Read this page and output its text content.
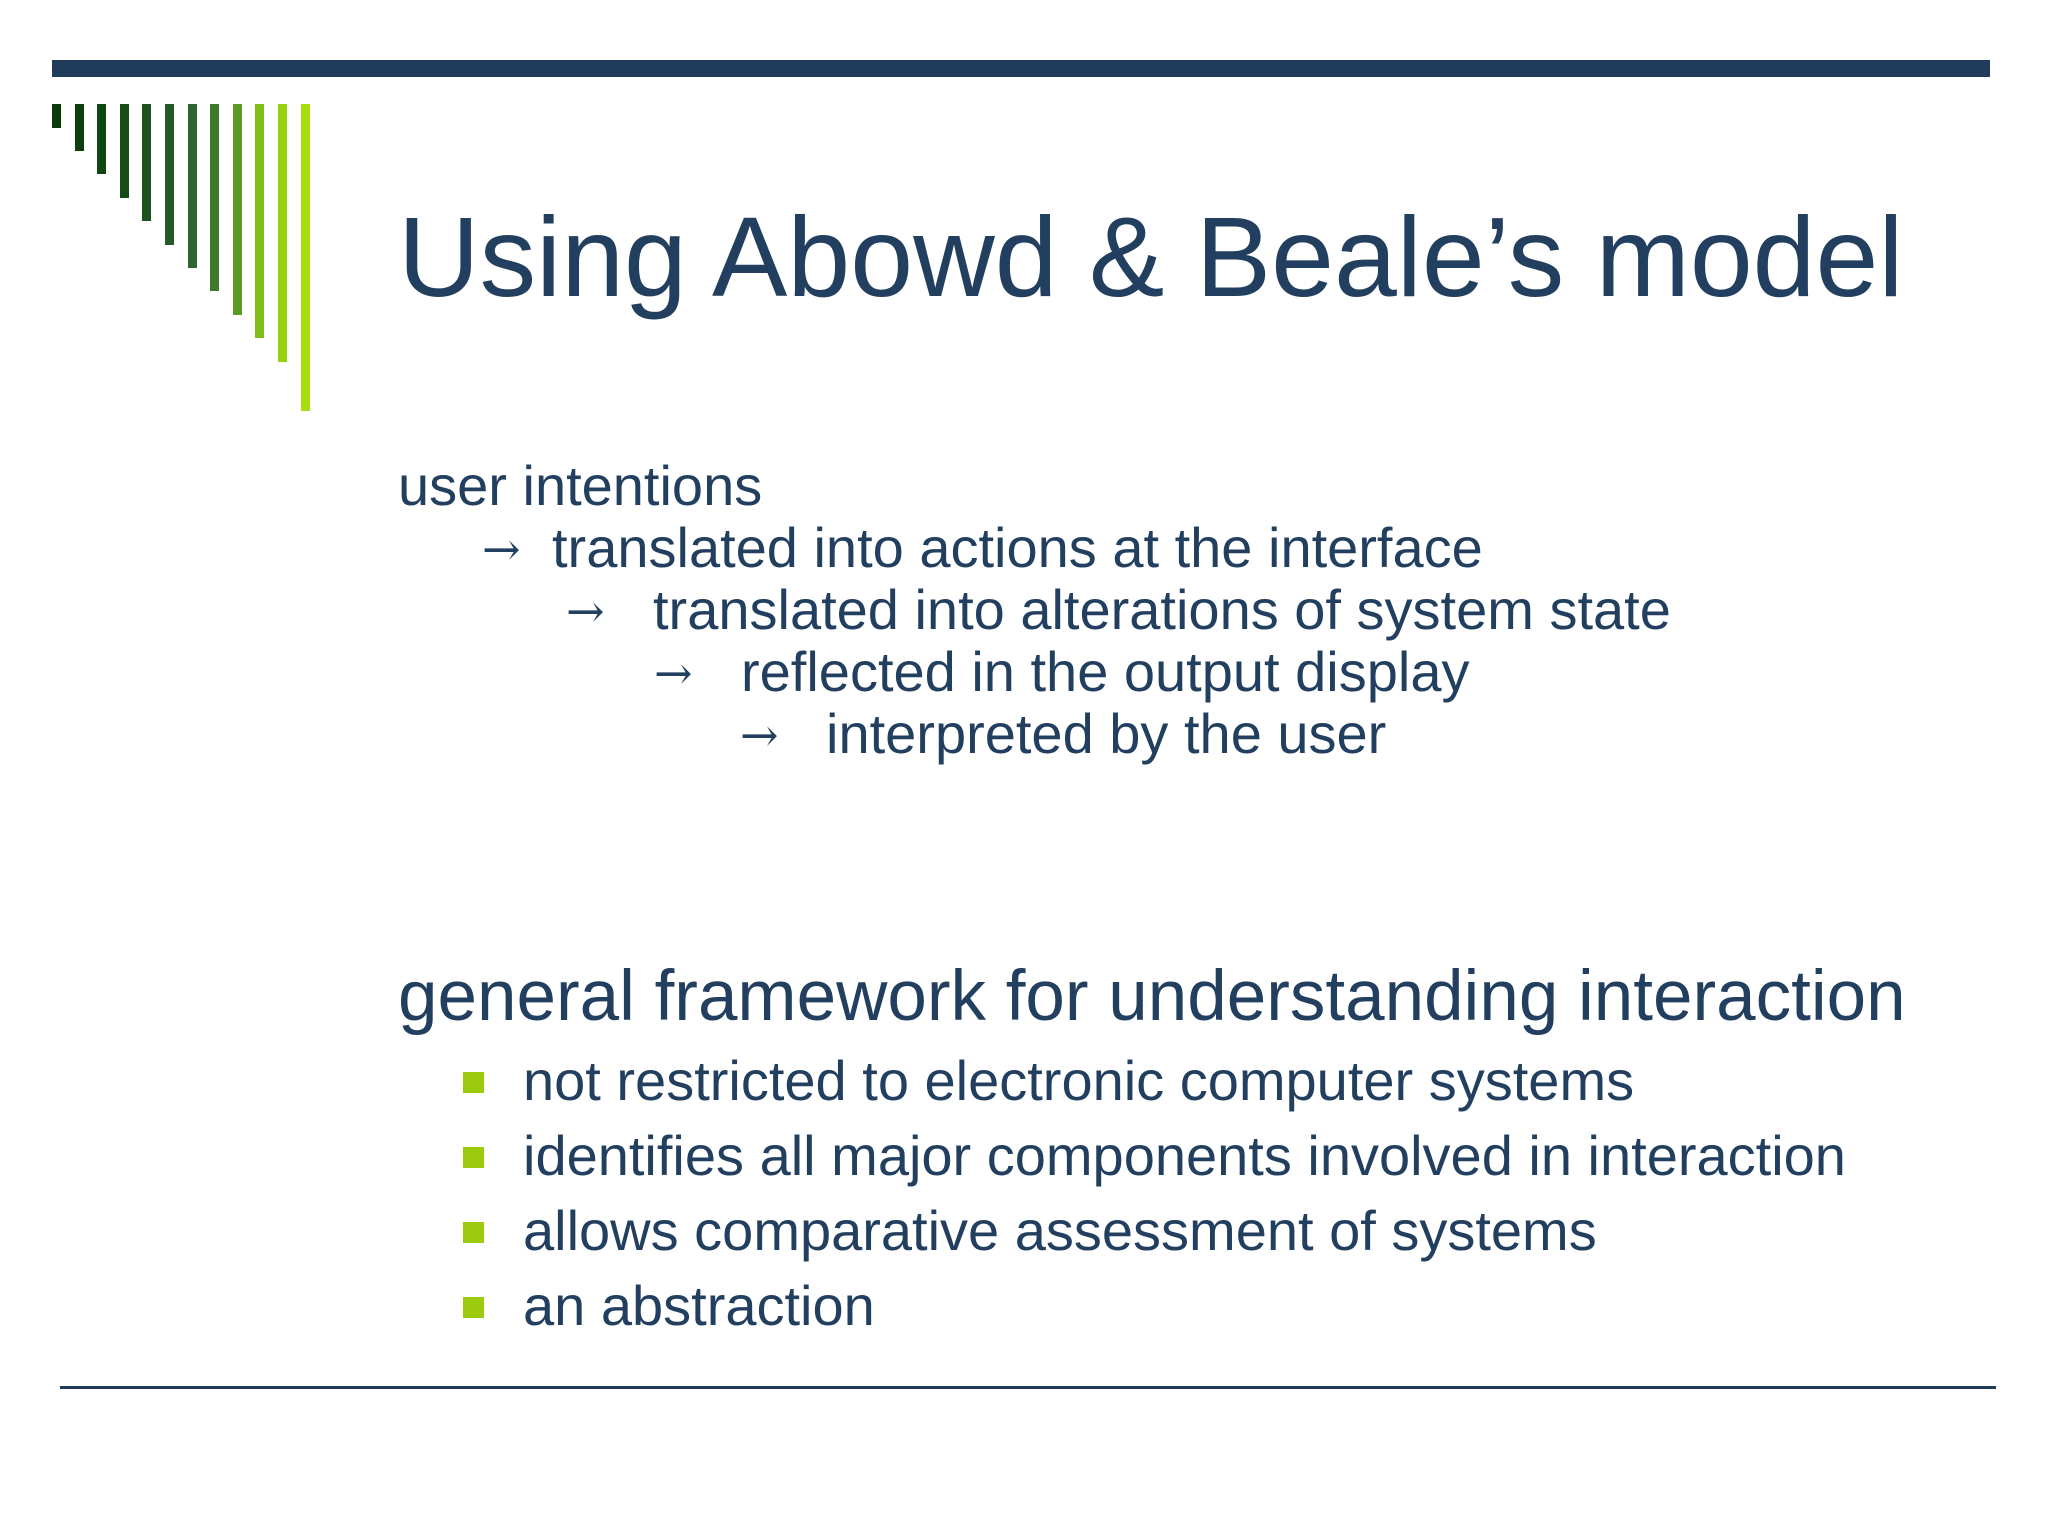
Using Abowd & Beale’s model
user intentions
→ translated into actions at the interface
→ translated into alterations of system state
→ reflected in the output display
→ interpreted by the user
general framework for understanding interaction
not restricted to electronic computer systems
identifies all major components involved in interaction
allows comparative assessment of systems
an abstraction
